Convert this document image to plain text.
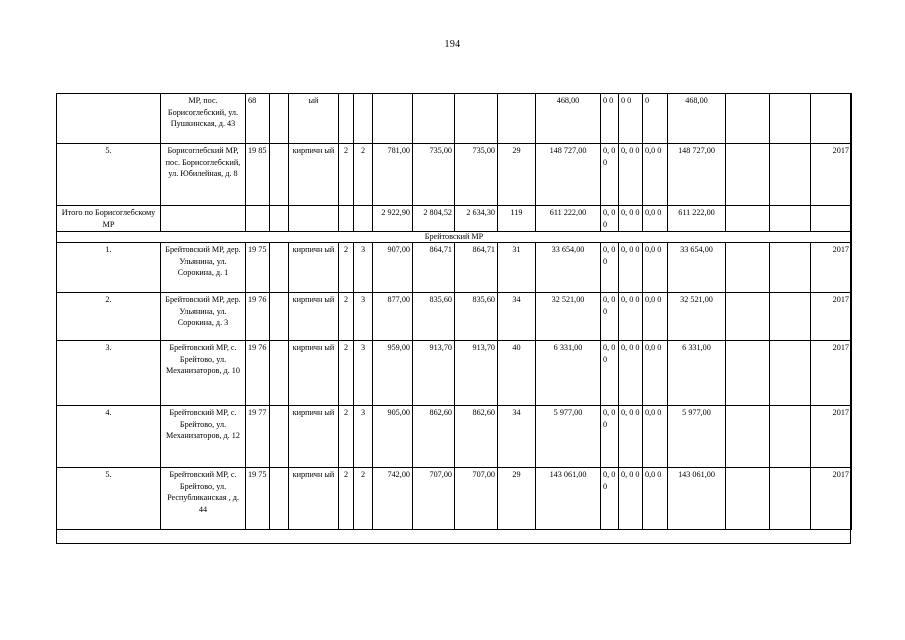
194
	МР, пос. Борисоглебский, ул. Пушкинская, д. 43	68		ый							468,00	0 0	0 0	0	468,00			
5.	Борисоглебский МР, пос. Борисоглебский, ул. Юбилейная, д. 8	19 85		кирпичн ый	2	2	781,00	735,00	735,00	29	148 727,00	0, 0 0	0, 0 0	0,0 0	148 727,00			2017
Итого по Борисоглебскому МР							2 922,90	2 804,52	2 634,30	119	611 222,00	0, 0 0	0, 0 0	0,0 0	611 222,00			
Брейтовский МР																		
1.	Брейтовский МР, дер. Ульянинa, ул. Сорокина, д. 1	19 75		кирпичн ый	2	3	907,00	864,71	864,71	31	33 654,00	0, 0 0	0, 0 0	0,0 0	33 654,00			2017
2.	Брейтовский МР, дер. Ульянинa, ул. Сорокина, д. 3	19 76		кирпичн ый	2	3	877,00	835,60	835,60	34	32 521,00	0, 0 0	0, 0 0	0,0 0	32 521,00			2017
3.	Брейтовский МР, с. Брейтово, ул. Механизаторов, д. 10	19 76		кирпичн ый	2	3	959,00	913,70	913,70	40	6 331,00	0, 0 0	0, 0 0	0,0 0	6 331,00			2017
4.	Брейтовский МР, с. Брейтово, ул. Механизаторов, д. 12	19 77		кирпичн ый	2	3	905,00	862,60	862,60	34	5 977,00	0, 0 0	0, 0 0	0,0 0	5 977,00			2017
5.	Брейтовский МР, с. Брейтово, ул. Республиканская , д. 44	19 75		кирпичн ый	2	2	742,00	707,00	707,00	29	143 061,00	0, 0 0	0, 0 0	0,0 0	143 061,00			2017
